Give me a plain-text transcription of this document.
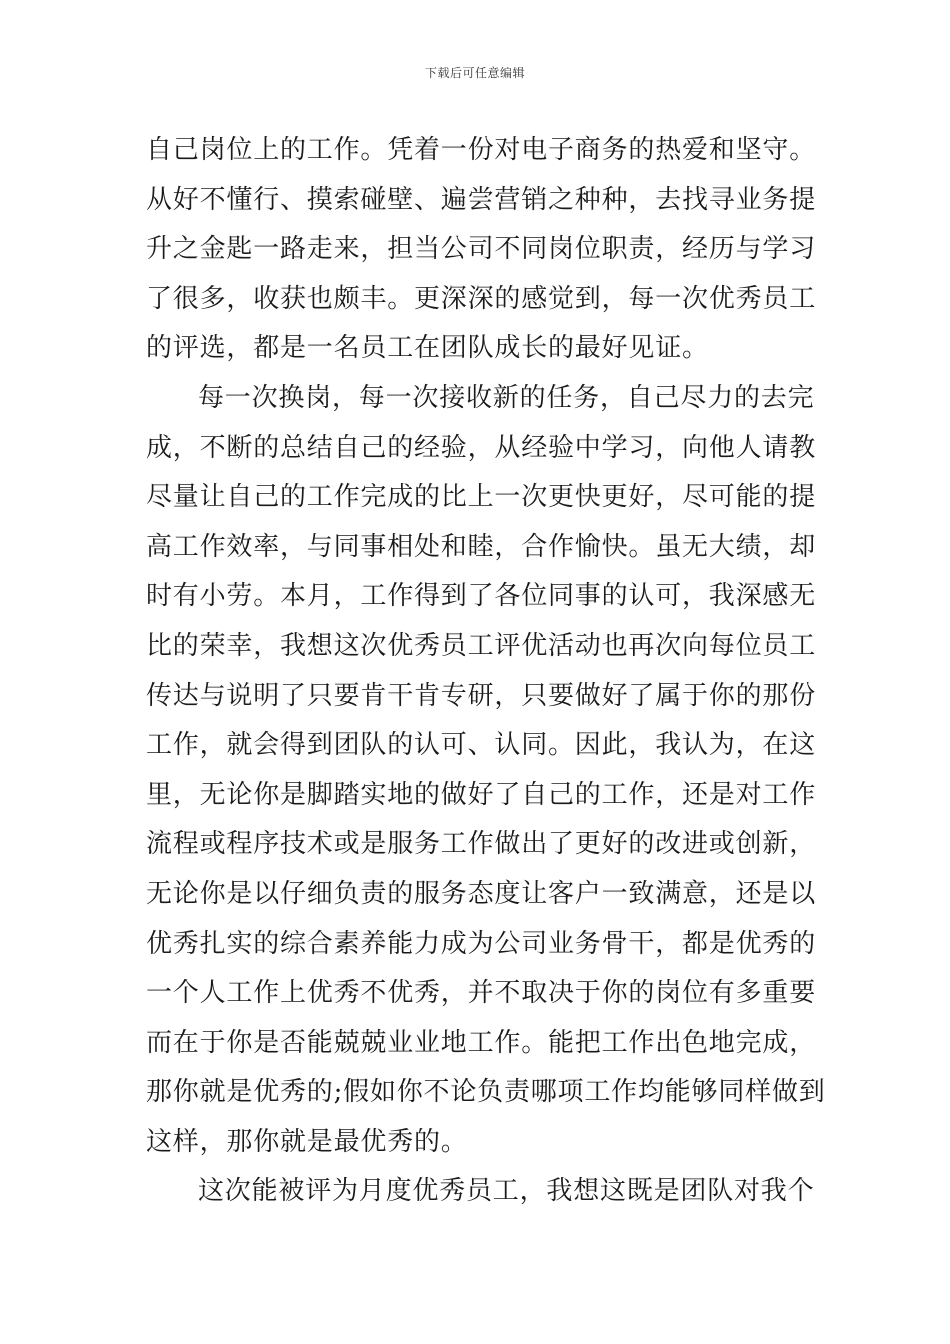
下载后可任意编辑
自己岗位上的工作。凭着一份对电子商务的热爱和坚守。
从好不懂行、摸索碰壁、遍尝营销之种种，去找寻业务提
升之金匙一路走来，担当公司不同岗位职责，经历与学习
了很多，收获也颇丰。更深深的感觉到，每一次优秀员工
的评选，都是一名员工在团队成长的最好见证。
每一次换岗，每一次接收新的任务，自己尽力的去完
成，不断的总结自己的经验，从经验中学习，向他人请教
尽量让自己的工作完成的比上一次更快更好，尽可能的提
高工作效率，与同事相处和睦，合作愉快。虽无大绩，却
时有小劳。本月，工作得到了各位同事的认可，我深感无
比的荣幸，我想这次优秀员工评优活动也再次向每位员工
传达与说明了只要肯干肯专研，只要做好了属于你的那份
工作，就会得到团队的认可、认同。因此，我认为，在这
里，无论你是脚踏实地的做好了自己的工作，还是对工作
流程或程序技术或是服务工作做出了更好的改进或创新，
无论你是以仔细负责的服务态度让客户一致满意，还是以
优秀扎实的综合素养能力成为公司业务骨干，都是优秀的
一个人工作上优秀不优秀，并不取决于你的岗位有多重要
而在于你是否能兢兢业业地工作。能把工作出色地完成，
那你就是优秀的;假如你不论负责哪项工作均能够同样做到
这样，那你就是最优秀的。
这次能被评为月度优秀员工，我想这既是团队对我个
